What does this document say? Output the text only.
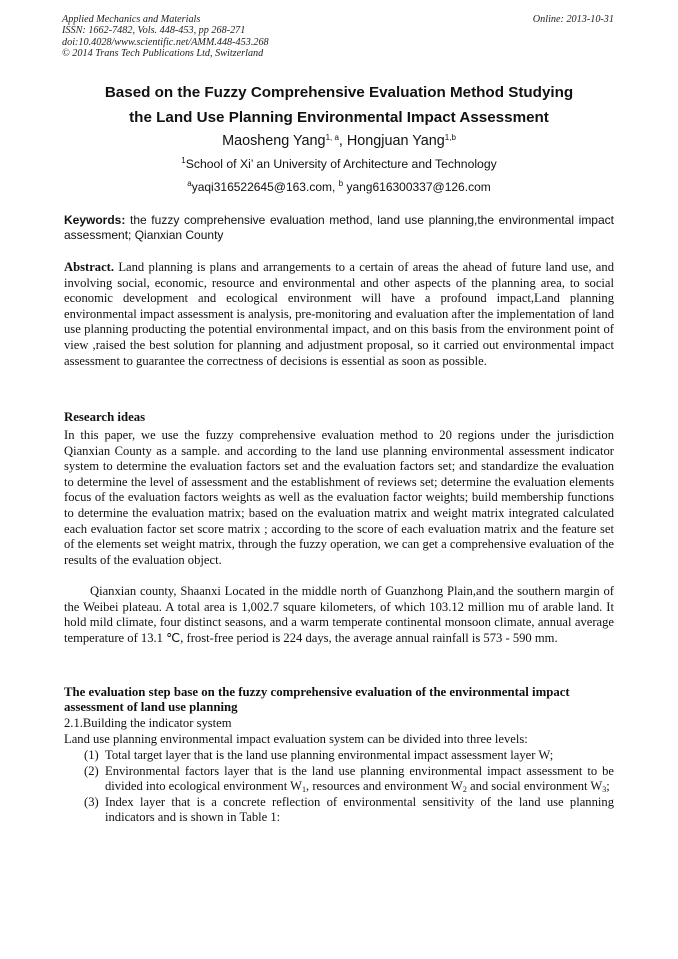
Applied Mechanics and Materials
ISSN: 1662-7482, Vols. 448-453, pp 268-271
doi:10.4028/www.scientific.net/AMM.448-453.268
© 2014 Trans Tech Publications Ltd, Switzerland
Online: 2013-10-31
Based on the Fuzzy Comprehensive Evaluation Method Studying
the Land Use Planning Environmental Impact Assessment
Maosheng Yang$^{1, a}$, Hongjuan Yang$^{1,b}$
$^1$School of Xi’ an University of Architecture and Technology
$^a$yaqi316522645@163.com, $^b$ yang616300337@126.com
Keywords: the fuzzy comprehensive evaluation method, land use planning,the environmental impact assessment; Qianxian County
Abstract. Land planning is plans and arrangements to a certain of areas the ahead of future land use, and involving social, economic, resource and environmental and other aspects of the planning area, to social economic development and ecological environment will have a profound impact,Land planning environmental impact assessment is analysis, pre-monitoring and evaluation after the implementation of land use planning producting the potential environmental impact, and on this basis from the environment point of view ,raised the best solution for planning and adjustment proposal, so it carried out environmental impact assessment to guarantee the correctness of decisions is essential as soon as possible.
Research ideas
In this paper, we use the fuzzy comprehensive evaluation method to 20 regions under the jurisdiction Qianxian County as a sample. and according to the land use planning environmental assessment indicator system to determine the evaluation factors set and the evaluation factors set; and standardize the evaluation to determine the level of assessment and the establishment of reviews set; determine the evaluation elements focus of the evaluation factors weights as well as the evaluation factor weights; build membership functions to determine the evaluation matrix; based on the evaluation matrix and weight matrix integrated calculated each evaluation factor set score matrix ; according to the score of each evaluation matrix and the feature set of the elements set weight matrix, through the fuzzy operation, we can get a comprehensive evaluation of the results of the evaluation object.
Qianxian county, Shaanxi Located in the middle north of Guanzhong Plain,and the southern margin of the Weibei plateau. A total area is 1,002.7 square kilometers, of which 103.12 million mu of arable land. It hold mild climate, four distinct seasons, and a warm temperate continental monsoon climate, annual average temperature of 13.1 ℃, frost-free period is 224 days, the average annual rainfall is 573 - 590 mm.
The evaluation step base on the fuzzy comprehensive evaluation of the environmental impact assessment of land use planning
2.1.Building the indicator system
Land use planning environmental impact evaluation system can be divided into three levels:
(1) Total target layer that is the land use planning environmental impact assessment layer W;
(2) Environmental factors layer that is the land use planning environmental impact assessment to be divided into ecological environment $W_1$, resources and environment $W_2$ and social environment $W_3$;
(3) Index layer that is a concrete reflection of environmental sensitivity of the land use planning indicators and is shown in Table 1:
